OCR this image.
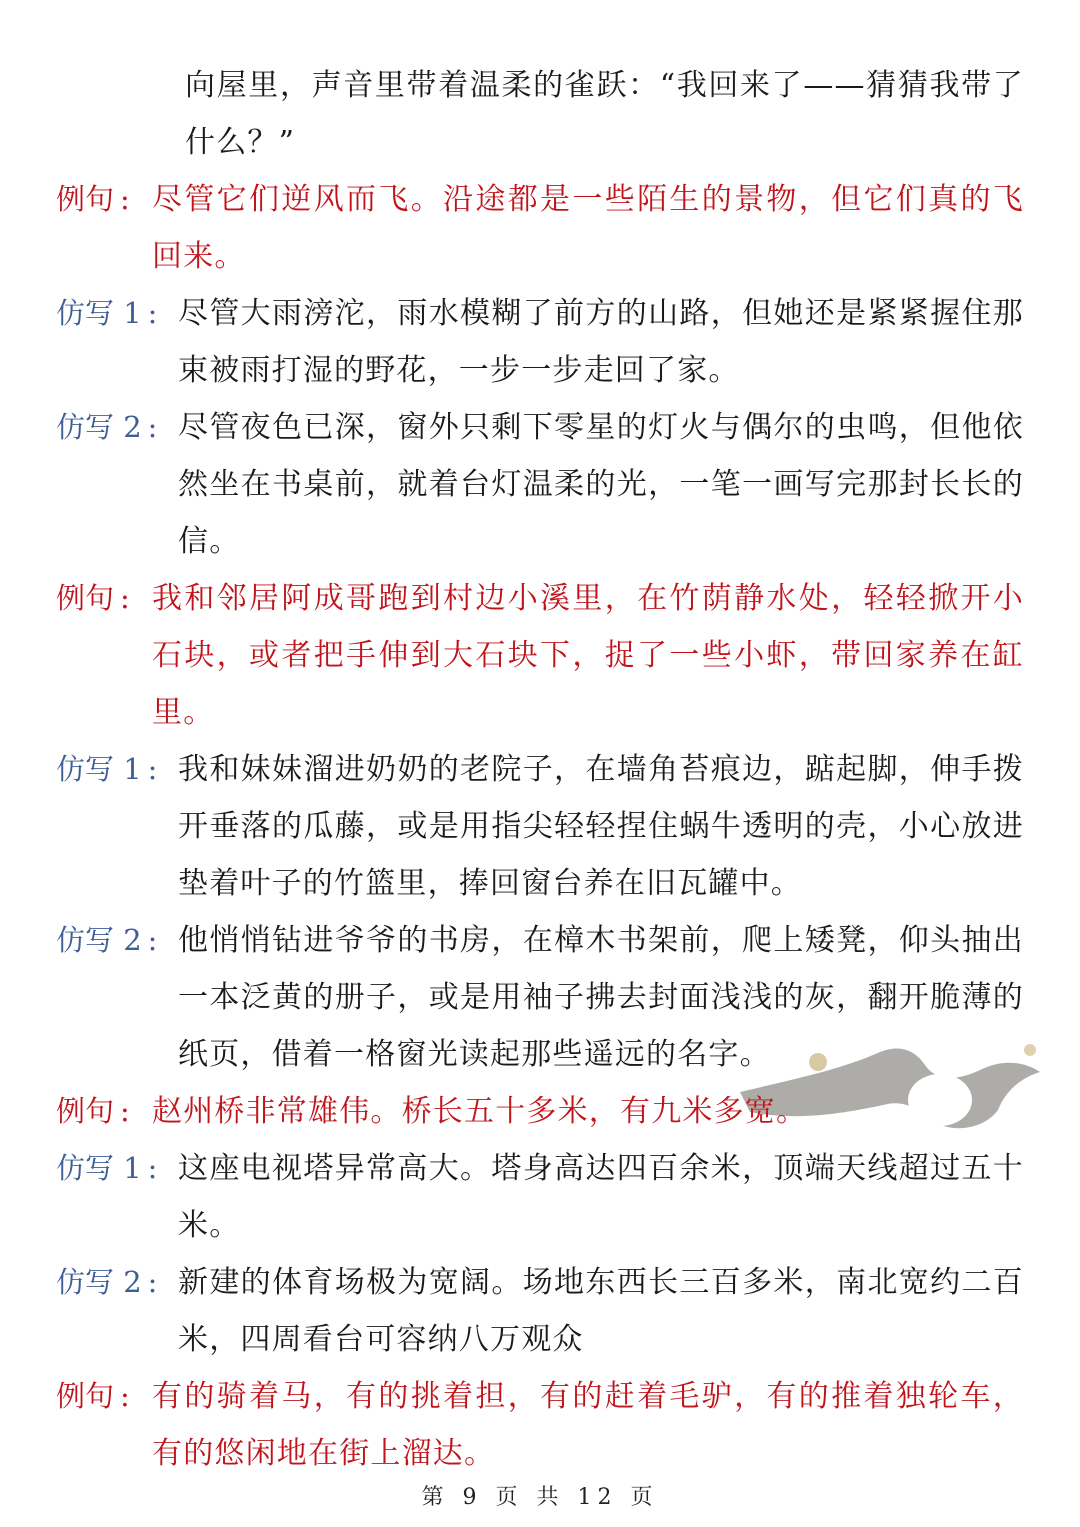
向屋里，声音里带着温柔的雀跃：“我回来了——猜猜我带了什么？”
例句 : 尽管它们逆风而飞。沿途都是一些陌生的景物，但它们真的飞回来。
仿写 1 : 尽管大雨滂沱，雨水模糊了前方的山路，但她还是紧紧握住那束被雨打湿的野花，一步一步走回了家。
仿写 2 : 尽管夜色已深，窗外只剩下零星的灯火与偶尔的虫鸣，但他依然坐在书桌前，就着台灯温柔的光，一笔一画写完那封长长的信。
例句 : 我和邻居阿成哥跑到村边小溪里，在竹荫静水处，轻轻掀开小石块，或者把手伸到大石块下，捉了一些小虾，带回家养在缸里。
仿写 1 : 我和妹妹溜进奶奶的老院子，在墙角苔痕边，踮起脚，伸手拨开垂落的瓜藤，或是用指尖轻轻捏住蜗牛透明的壳，小心放进垫着叶子的竹篮里，捧回窗台养在旧瓦罐中。
仿写 2 : 他悄悄钻进爷爷的书房，在樟木书架前，爬上矮凳，仰头抽出一本泛黄的册子，或是用袖子拂去封面浅浅的灰，翻开脆薄的纸页，借着一格窗光读起那些遥远的名字。
例句 : 赵州桥非常雄伟。桥长五十多米，有九米多宽。
仿写 1 : 这座电视塔异常高大。塔身高达四百余米，顶端天线超过五十米。
仿写 2 : 新建的体育场极为宽阔。场地东西长三百多米，南北宽约二百米，四周看台可容纳八万观众
例句 : 有的骑着马，有的挑着担，有的赶着毛驴，有的推着独轮车，有的悠闲地在街上溜达。
第 9 页 共 12 页
